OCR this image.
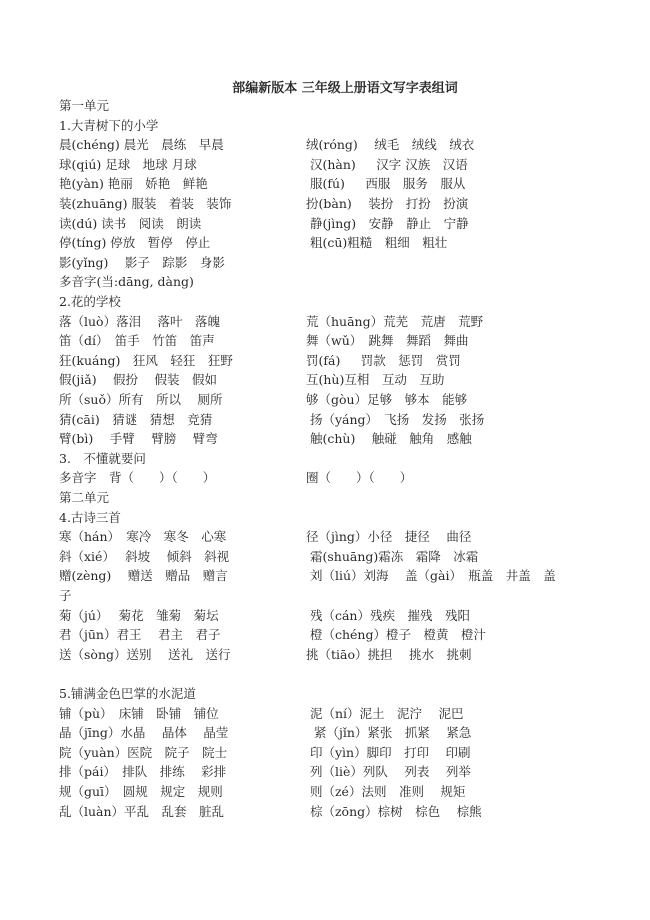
部编新版本 三年级上册语文写字表组词
第一单元
1.大青树下的小学
晨(chéng) 晨光　晨练　早晨	绒(róng)　 绒毛　绒线　绒衣
球(qiú) 足球　地球 月球	汉(hàn)　  汉字 汉族　汉语
艳(yàn) 艳丽　娇艳　鲜艳	服(fú)　  西服　服务　服从
装(zhuāng) 服装　着装　装饰	扮(bàn)　 装扮　打扮　扮演
读(dú) 读书　阅读　朗读	静(jìng)　安静　静止　宁静
停(tíng) 停放　暂停　停止	粗(cū)粗糙　粗细　粗壮
影(yǐng)　 影子　踪影　身影
多音字(当:dāng, dàng)
2.花的学校
落（luò）落泪　 落叶　落魄	荒（huāng）荒芜　荒唐　荒野
笛（dí）　笛手　竹笛　笛声	舞（wǔ）　跳舞　舞蹈　舞曲
狂(kuáng)　狂风　轻狂　狂野	罚(fá)　  罚款　惩罚　赏罚
假(jiǎ)　 假扮　 假装　假如	互(hù)互相　互动　互助
所（suǒ）所有　所以　 厕所	够（gòu）足够　够本　能够
猜(cāi)　猜谜　猜想　竞猜	扬（yáng）　飞扬　发扬　张扬
臂(bì)　 手臂　 臂膀　 臂弯	触(chù)　 触碰　触角　感触
3.　不懂就要问
多音字　背（　　）（　　）	圈（　　）（　　）
第二单元
4.古诗三首
寒（hán）　寒冷　寒冬　心寒	径（jìng）小径　捷径　 曲径
斜（xié）　 斜坡　 倾斜　斜视	霜(shuāng)霜冻　霜降　冰霜
赠(zèng)　 赠送　赠品　赠言	刘（liú）刘海　 盖（gài）　瓶盖　井盖　盖
子
菊（jú）　 菊花　雏菊　菊坛	残（cán）残疾　摧残　残阳
君（jūn）君王　 君主　君子	橙（chéng）橙子　橙黄　橙汁
送（sòng）送别　 送礼　送行	挑（tiāo）挑担　 挑水　挑刺
5.铺满金色巴掌的水泥道
铺（pù）　床铺　卧铺　铺位	泥（ní）泥土　泥泞　 泥巴
晶（jīng）水晶　 晶体　 晶莹	紧（jǐn）紧张　抓紧　 紧急
院（yuàn）医院　院子　院士	印（yìn）脚印　打印　 印刷
排（pái）　排队　排练　 彩排	列（liè）列队　 列表　 列举
规（guī）　圆规　规定　规则	则（zé）法则　准则　 规矩
乱（luàn）平乱　乱套　脏乱	棕（zōng）棕树　棕色　 棕熊
